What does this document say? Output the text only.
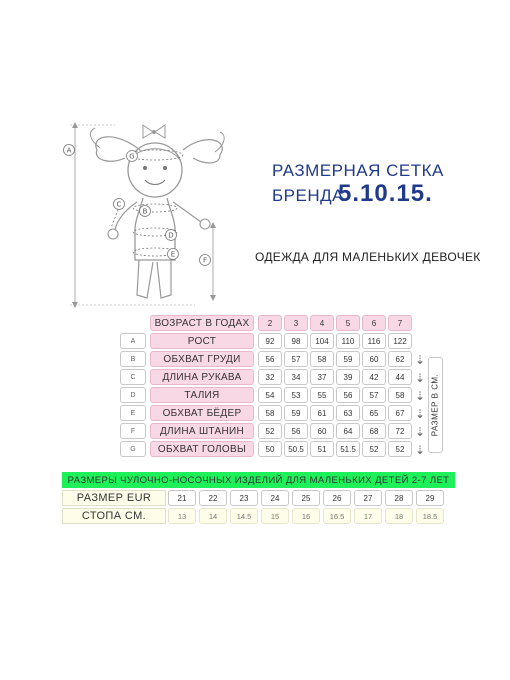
A
G
C
B
D
E
F
РАЗМЕРНАЯ СЕТКА
БРЕНДА
5.10.15.
ОДЕЖДА ДЛЯ МАЛЕНЬКИХ ДЕВОЧЕК
ВОЗРАСТ В ГОДАХ	2	3	4	5	6	7
A	РОСТ	92	98	104	110	116	122
B	ОБХВАТ ГРУДИ	56	57	58	59	60	62
C	ДЛИНА РУКАВА	32	34	37	39	42	44
D	ТАЛИЯ	54	53	55	56	57	58
E	ОБХВАТ БЁДЕР	58	59	61	63	65	67
F	ДЛИНА ШТАНИН	52	56	60	64	68	72
G	ОБХВАТ ГОЛОВЫ	50	50.5	51	51.5	52	52
⇣
⇣
⇣
⇣
⇣
⇣
РАЗМЕР В СМ.
РАЗМЕРЫ ЧУЛОЧНО-НОСОЧНЫХ ИЗДЕЛИЙ ДЛЯ МАЛЕНЬКИХ ДЕТЕЙ 2-7 ЛЕТ
РАЗМЕР EUR	21	22	23	24	25	26	27	28	29
СТОПА СМ.	13	14	14.5	15	16	16.5	17	18	18.5
